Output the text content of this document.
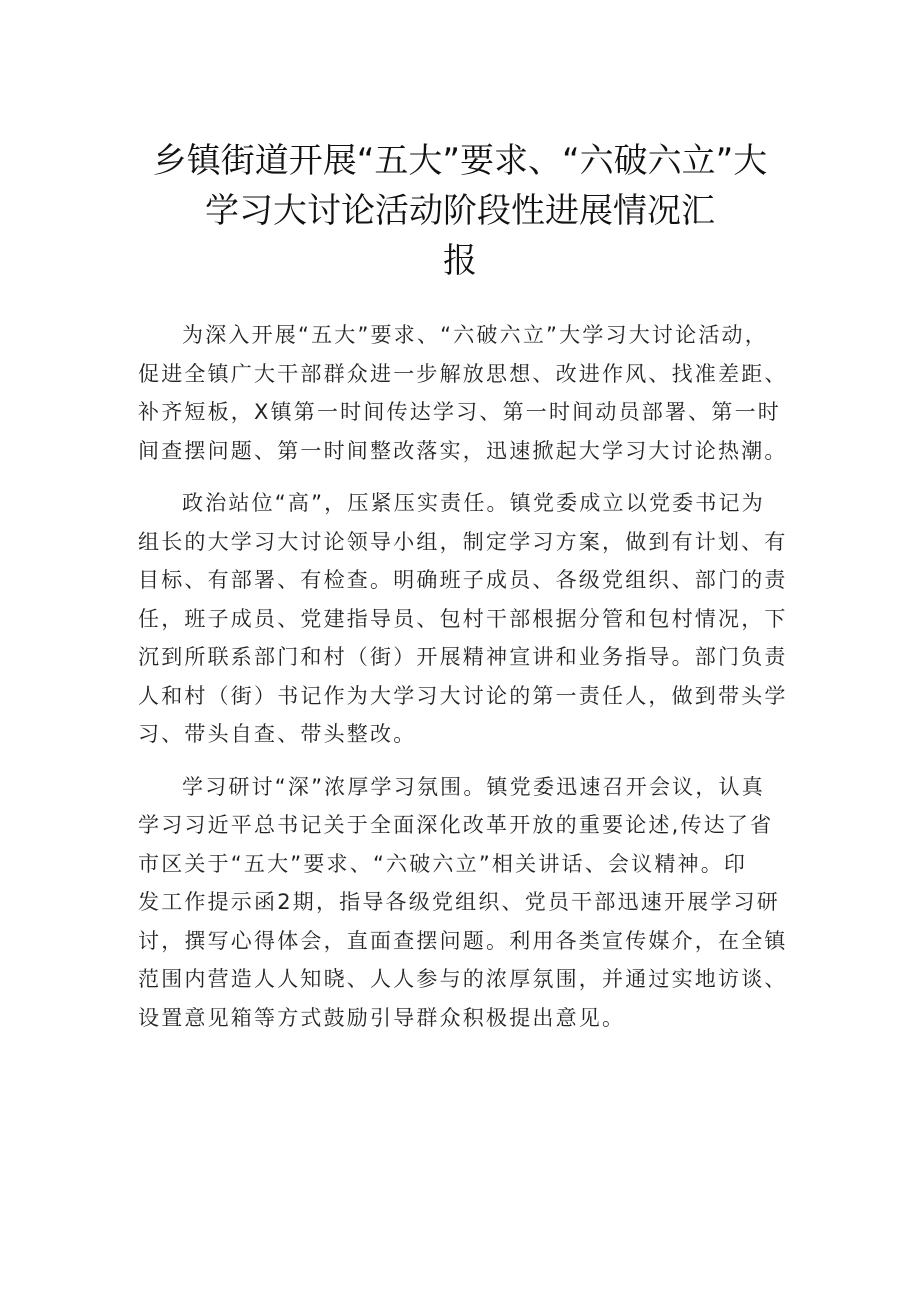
乡镇街道开展“五大”要求、“六破六立”大
学习大讨论活动阶段性进展情况汇
报
为深入开展“五大”要求、“六破六立”大学习大讨论活动，
促进全镇广大干部群众进一步解放思想、改进作风、找准差距、
补齐短板，X镇第一时间传达学习、第一时间动员部署、第一时
间查摆问题、第一时间整改落实，迅速掀起大学习大讨论热潮。
政治站位“高”，压紧压实责任。镇党委成立以党委书记为
组长的大学习大讨论领导小组，制定学习方案，做到有计划、有
目标、有部署、有检查。明确班子成员、各级党组织、部门的责
任，班子成员、党建指导员、包村干部根据分管和包村情况，下
沉到所联系部门和村（街）开展精神宣讲和业务指导。部门负责
人和村（街）书记作为大学习大讨论的第一责任人，做到带头学
习、带头自查、带头整改。
学习研讨“深”浓厚学习氛围。镇党委迅速召开会议，认真
学习习近平总书记关于全面深化改革开放的重要论述,传达了省
市区关于“五大”要求、“六破六立”相关讲话、会议精神。印
发工作提示函2期，指导各级党组织、党员干部迅速开展学习研
讨，撰写心得体会，直面查摆问题。利用各类宣传媒介，在全镇
范围内营造人人知晓、人人参与的浓厚氛围，并通过实地访谈、
设置意见箱等方式鼓励引导群众积极提出意见。
